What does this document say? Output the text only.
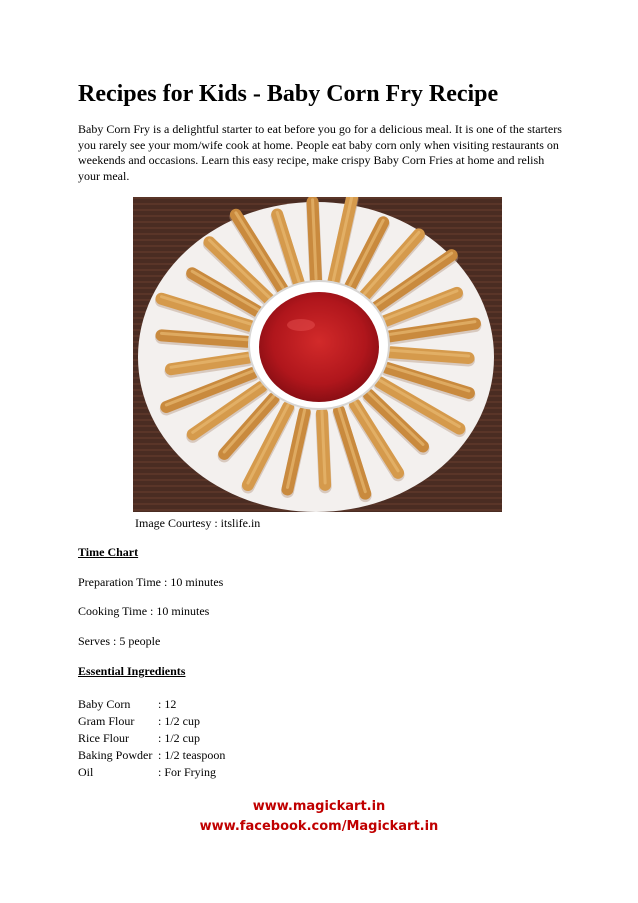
Recipes for Kids - Baby Corn Fry Recipe

Baby Corn Fry is a delightful starter to eat before you go for a delicious meal. It is one of the starters you rarely see your mom/wife cook at home. People eat baby corn only when visiting restaurants on weekends and occasions. Learn this easy recipe, make crispy Baby Corn Fries at home and relish your meal.

Image Courtesy : itslife.in
Time Chart
Preparation Time : 10 minutes
Cooking Time : 10 minutes
Serves : 5 people
Essential Ingredients
Baby Corn	: 12
Gram Flour	: 1/2 cup
Rice Flour	: 1/2 cup
Baking Powder	: 1/2 teaspoon
Oil	: For Frying
www.magickart.in
www.facebook.com/Magickart.in
